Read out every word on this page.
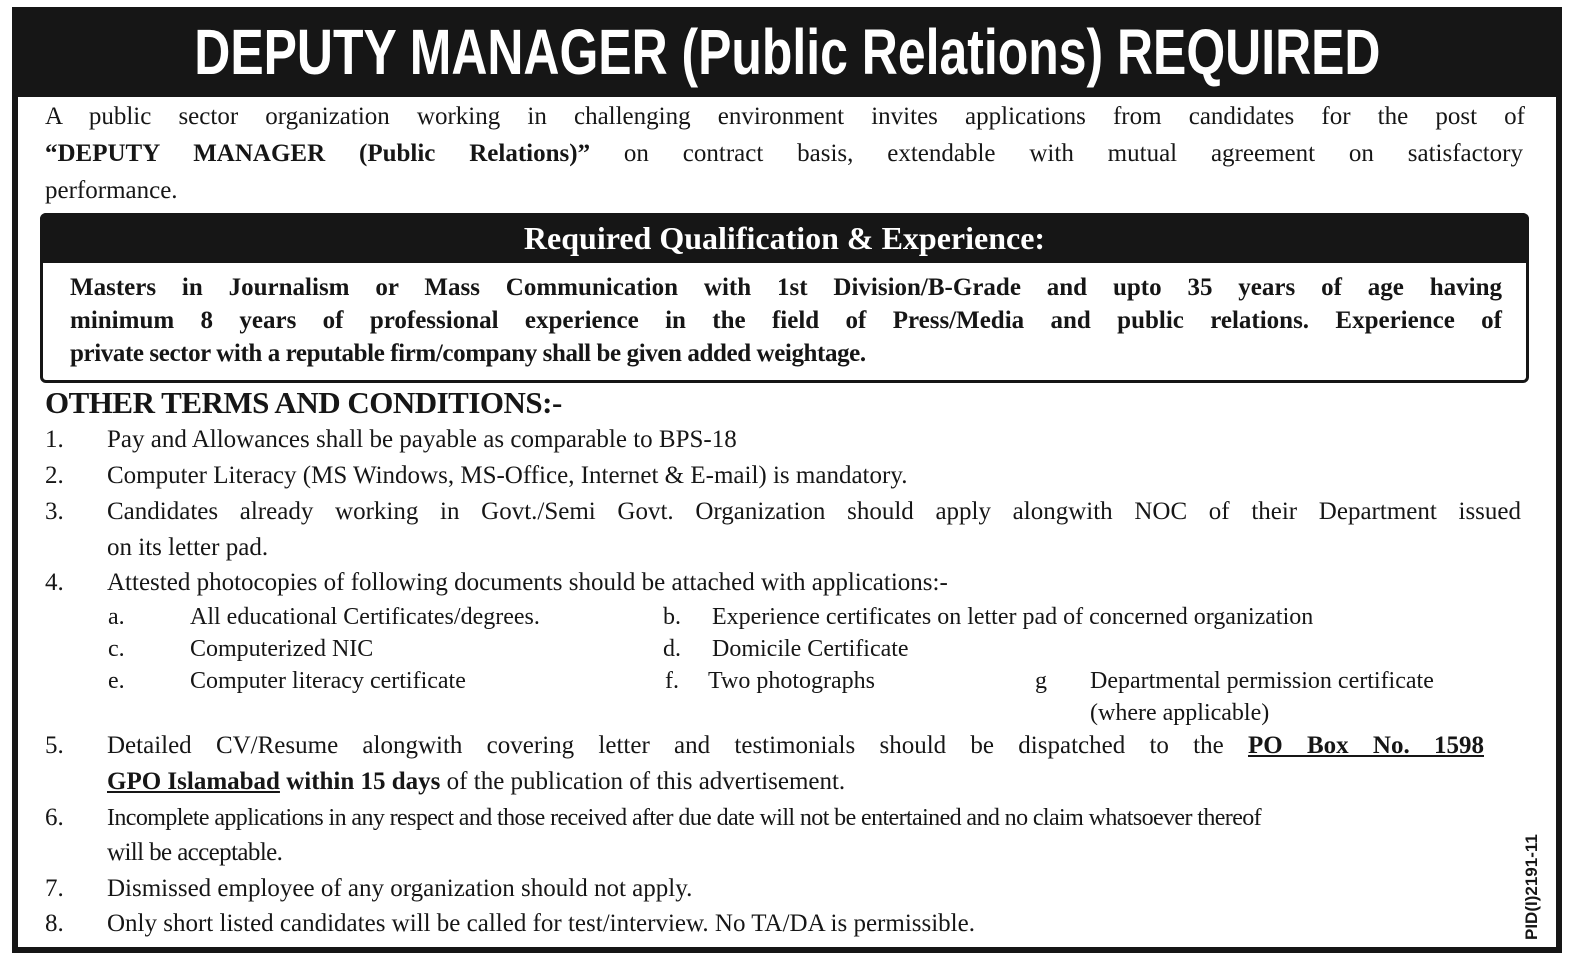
DEPUTY MANAGER (Public Relations) REQUIRED
A public sector organization working in challenging environment invites applications from candidates for the post of
“DEPUTY MANAGER (Public Relations)” on contract basis, extendable with mutual agreement on satisfactory
performance.
Required Qualification & Experience:
Masters in Journalism or Mass Communication with 1st Division/B-Grade and upto 35 years of age having
minimum 8 years of professional experience in the field of Press/Media and public relations. Experience of
private sector with a reputable firm/company shall be given added weightage.
OTHER TERMS AND CONDITIONS:-
1. Pay and Allowances shall be payable as comparable to BPS-18
2. Computer Literacy (MS Windows, MS-Office, Internet & E-mail) is mandatory.
3. Candidates already working in Govt./Semi Govt. Organization should apply alongwith NOC of their Department issued
on its letter pad.
4. Attested photocopies of following documents should be attached with applications:-
a.	All educational Certificates/degrees.	b. Experience certificates on letter pad of concerned organization
c.	Computerized NIC	d. Domicile Certificate
e.	Computer literacy certificate	f. Two photographs	g Departmental permission certificate
(where applicable)
5. Detailed CV/Resume alongwith covering letter and testimonials should be dispatched to the PO Box No. 1598
GPO Islamabad within 15 days of the publication of this advertisement.
6. Incomplete applications in any respect and those received after due date will not be entertained and no claim whatsoever thereof
will be acceptable.
7. Dismissed employee of any organization should not apply.
8. Only short listed candidates will be called for test/interview. No TA/DA is permissible.	PID(I)2191-11
